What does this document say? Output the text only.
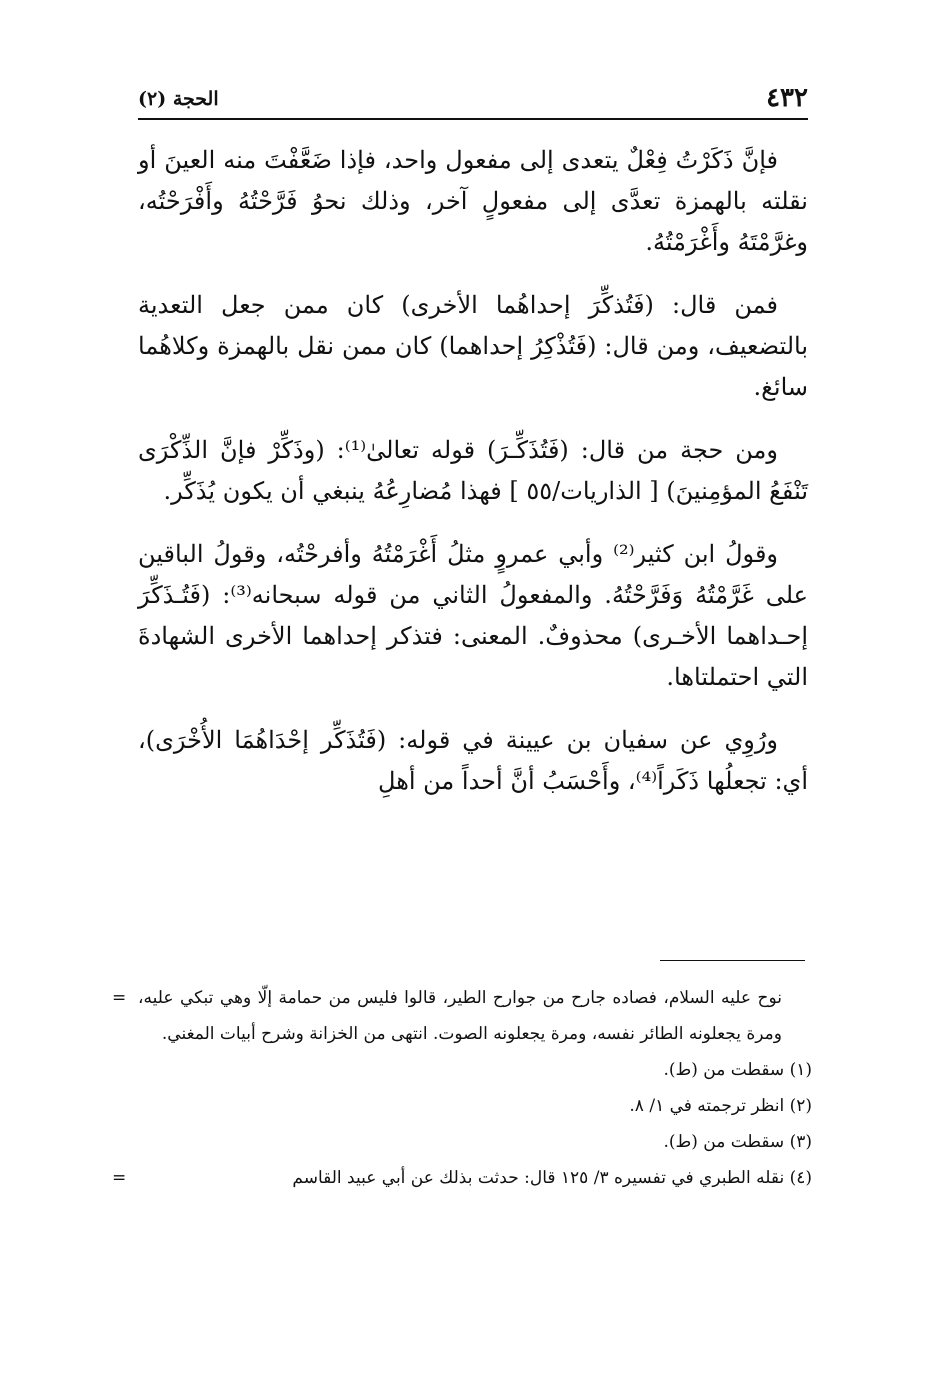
٤٣٢
الحجة (٢)

فإنَّ ذَكَرْتُ فِعْلٌ يتعدى إلى مفعول واحد، فإذا ضَعَّفْتَ منه العينَ أو نقلته بالهمزة تعدَّى إلى مفعولٍ آخر، وذلك نحوُ فَرَّحْتُهُ وأَفْرَحْتُه، وغرَّمْتَهُ وأَغْرَمْتُهُ.

فمن قال: (فَتُذكِّرَ إحداهُما الأخرى) كان ممن جعل التعدية بالتضعيف، ومن قال: (فَتُذْكِرُ إحداهما) كان ممن نقل بالهمزة وكلاهُما سائغ.

ومن حجة من قال: (فَتُذَكِّـرَ) قوله تعالىٰ⁽¹⁾: (وذَكِّرْ فإنَّ الذِّكْرَى تَنْفَعُ المؤمِنينَ) [ الذاريات/٥٥ ] فهذا مُضارِعُهُ ينبغي أن يكون يُذَكِّر.

وقولُ ابن كثير⁽²⁾ وأبي عمروٍ مثلُ أَغْرَمْتُهُ وأفرحْتُه، وقولُ الباقين على غَرَّمْتُهُ وَفَرَّحْتُهُ. والمفعولُ الثاني من قوله سبحانه⁽³⁾: (فَتُـذَكِّرَ إحـداهما الأخـرى) محذوفٌ. المعنى: فتذكر إحداهما الأخرى الشهادةَ التي احتملتاها.

ورُوِي عن سفيان بن عيينة في قوله: (فَتُذَكِّر إحْدَاهُمَا الأُخْرَى)، أي: تجعلُها ذَكَراً⁽⁴⁾، وأَحْسَبُ أنَّ أحداً من أهلِ

= نوح عليه السلام، فصاده جارح من جوارح الطير، قالوا فليس من حمامة إلّا وهي تبكي عليه، ومرة يجعلونه الطائر نفسه، ومرة يجعلونه الصوت. انتهى من الخزانة وشرح أبيات المغني.
(١) سقطت من (ط).
(٢) انظر ترجمته في ١/ ٨.
(٣) سقطت من (ط).
(٤) نقله الطبري في تفسيره ٣/ ١٢٥ قال: حدثت بذلك عن أبي عبيد القاسم
=
